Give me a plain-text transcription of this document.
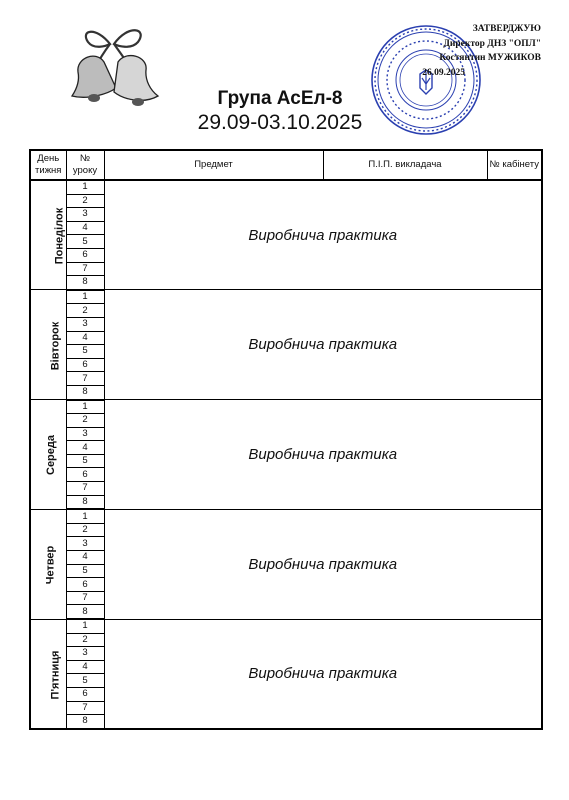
ЗАТВЕРДЖУЮ
Директор ДНЗ "ОПЛ"
Костянтин МУЖИКОВ
26.09.2025
Група АсЕл-8
29.09-03.10.2025
День тижня	№ уроку	Предмет	П.І.П. викладача	№ кабінету
Понеділок	1	Виробнича практика		
	2			
	3			
	4			
	5			
	6			
	7			
	8			
Вівторок	1	Виробнича практика		
	2			
	3			
	4			
	5			
	6			
	7			
	8			
Середа	1	Виробнича практика		
	2			
	3			
	4			
	5			
	6			
	7			
	8			
Четвер	1	Виробнича практика		
	2			
	3			
	4			
	5			
	6			
	7			
	8			
П'ятниця	1	Виробнича практика		
	2			
	3			
	4			
	5			
	6			
	7			
	8			
